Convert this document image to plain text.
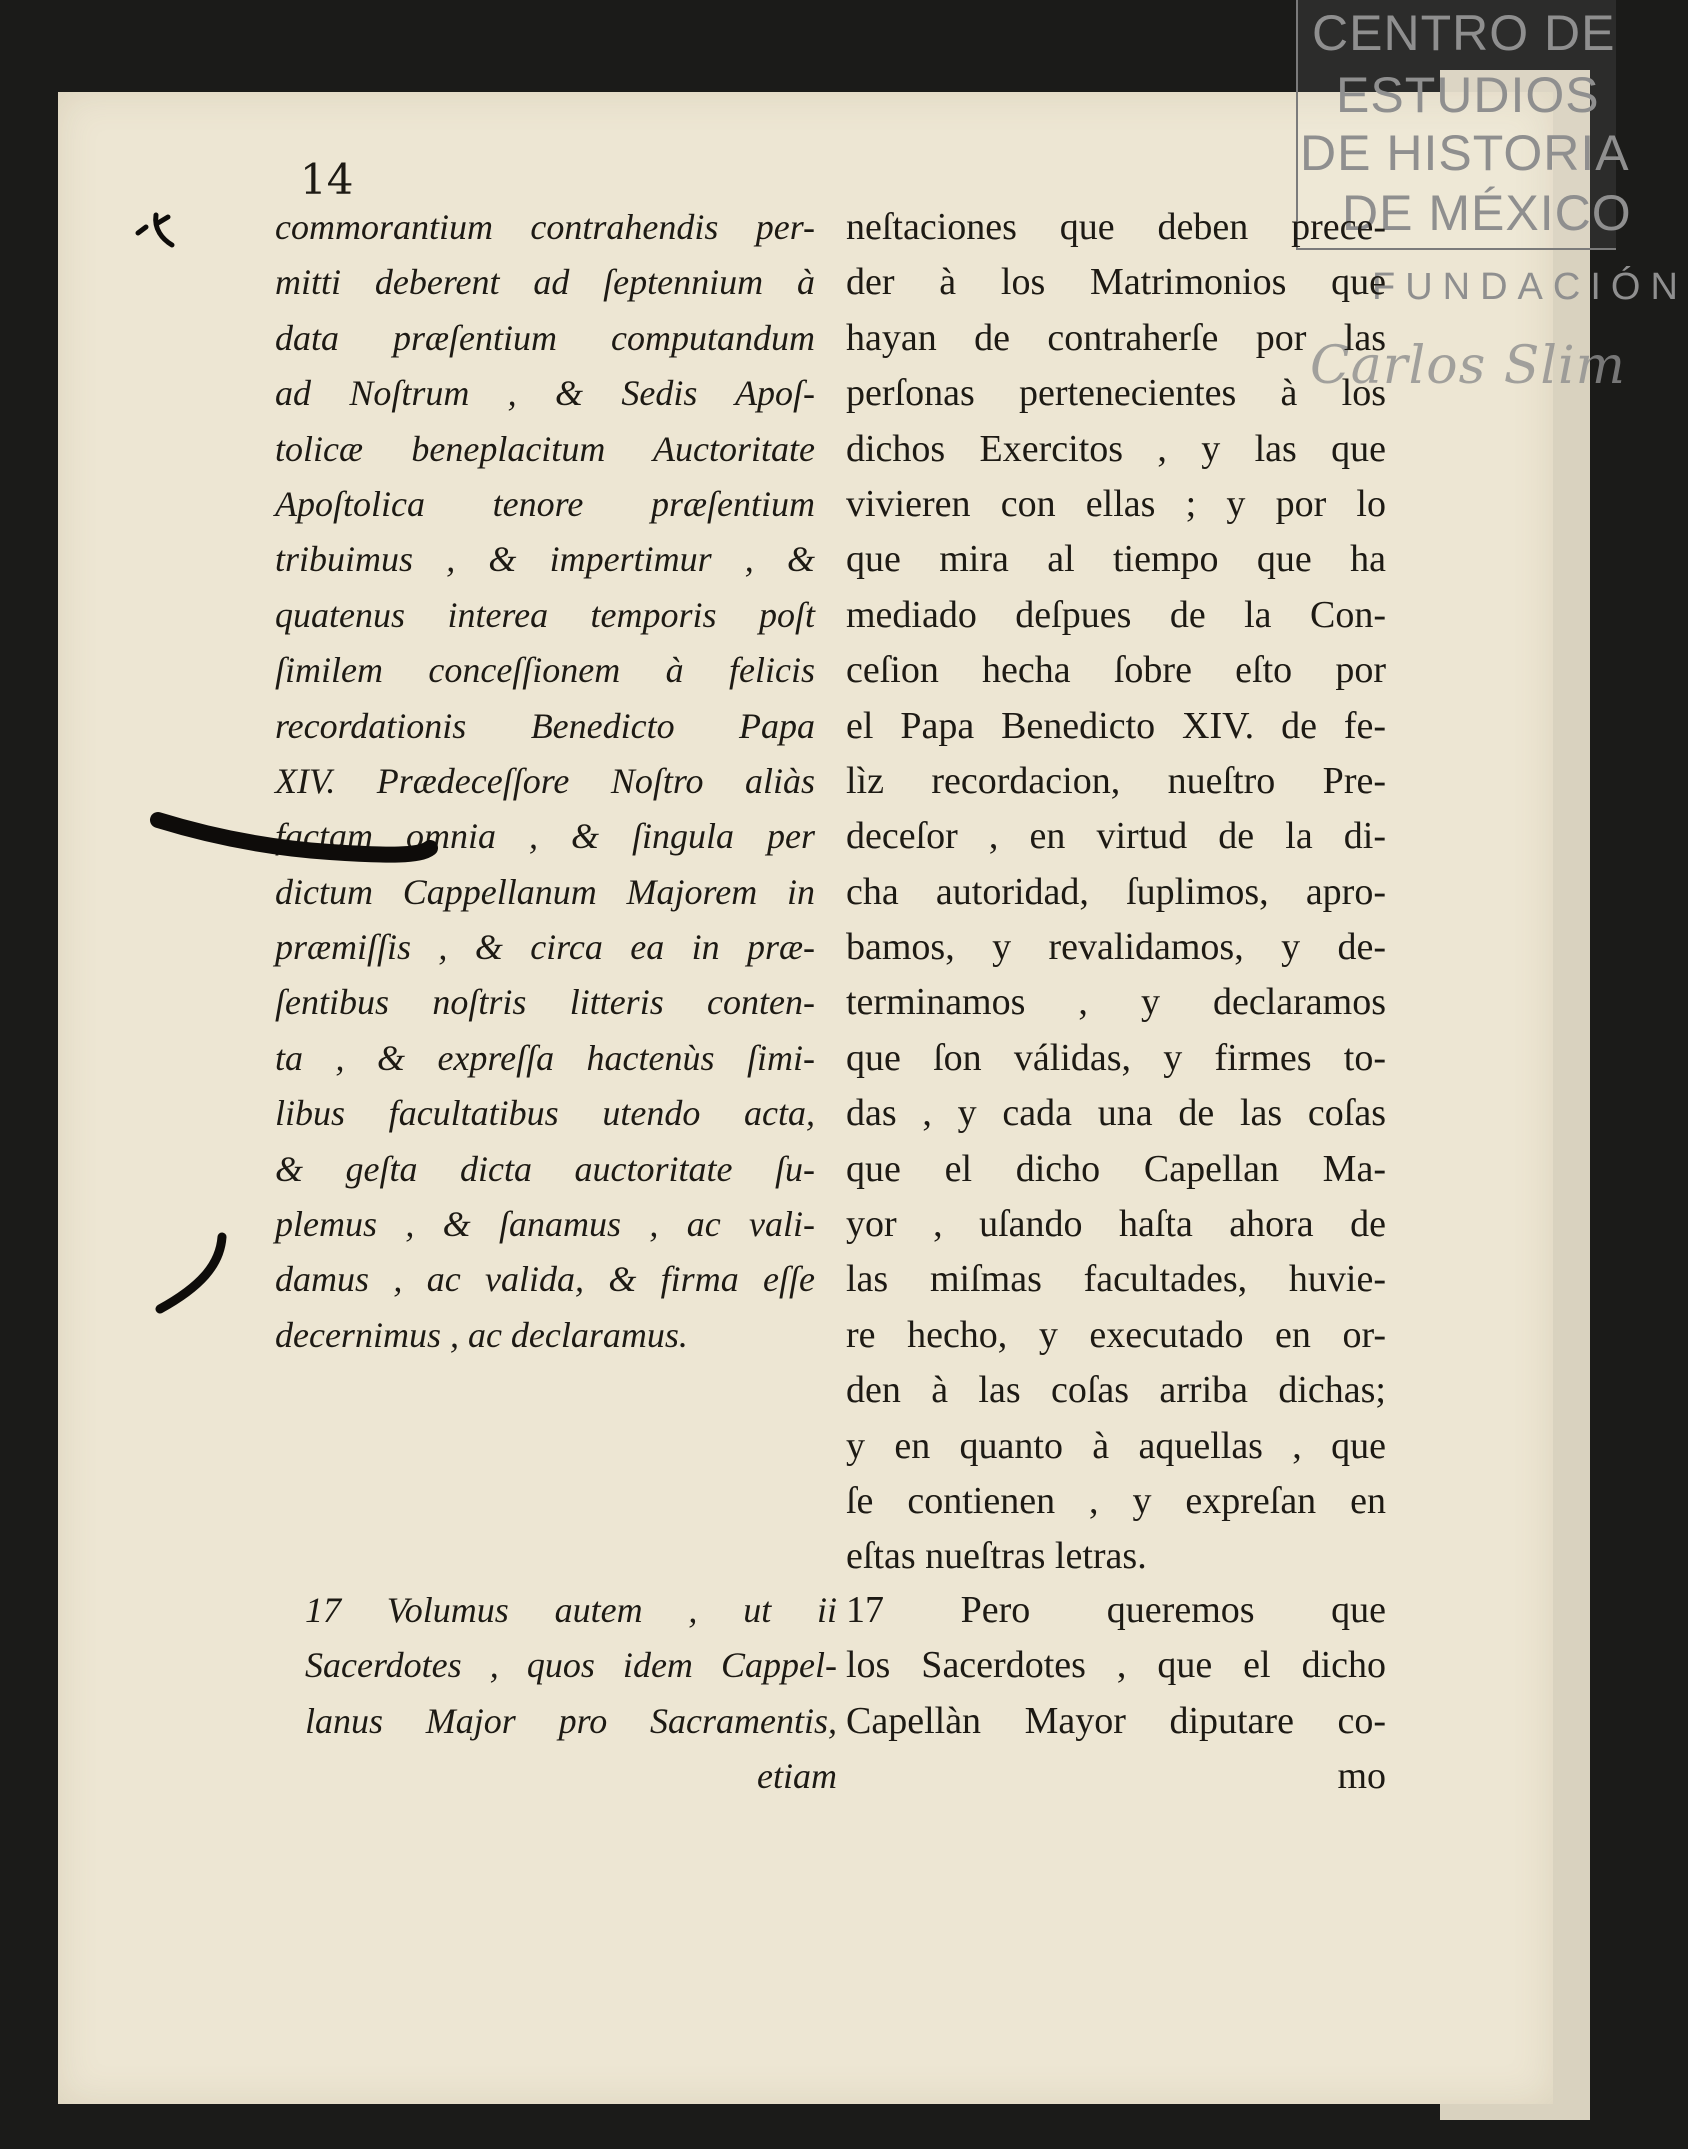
CENTRO DE
ESTUDIOS
DE HISTORIA
DE MÉXICO
FUNDACIÓN
Carlos Slim
14
commorantium contrahendis per-
mitti deberent ad ſeptennium à
data præſentium computandum
ad Noſtrum , & Sedis Apoſ-
tolicæ beneplacitum Auctoritate
Apoſtolica tenore præſentium
tribuimus , & impertimur , &
quatenus interea temporis poſt
ſimilem conceſſionem à felicis
recordationis Benedicto Papa
XIV. Prædeceſſore Noſtro aliàs
factam omnia , & ſingula per
dictum Cappellanum Majorem in
præmiſſis , & circa ea in præ-
ſentibus noſtris litteris conten-
ta , & expreſſa hactenùs ſimi-
libus facultatibus utendo acta,
& geſta dicta auctoritate ſu-
plemus , & ſanamus , ac vali-
damus , ac valida, & firma eſſe
decernimus , ac declaramus.
neſtaciones que deben prece-
der à los Matrimonios que
hayan de contraherſe por las
perſonas pertenecientes à los
dichos Exercitos , y las que
vivieren con ellas ; y por lo
que mira al tiempo que ha
mediado deſpues de la Con-
ceſion hecha ſobre eſto por
el Papa Benedicto XIV. de fe-
lìz recordacion, nueſtro Pre-
deceſor , en virtud de la di-
cha autoridad, ſuplimos, apro-
bamos, y revalidamos, y de-
terminamos , y declaramos
que ſon válidas, y firmes to-
das , y cada una de las coſas
que el dicho Capellan Ma-
yor , uſando haſta ahora de
las miſmas facultades, huvie-
re hecho, y executado en or-
den à las coſas arriba dichas;
y en quanto à aquellas , que
ſe contienen , y expreſan en
eſtas nueſtras letras.
17 Volumus autem , ut ii
Sacerdotes , quos idem Cappel-
lanus Major pro Sacramentis,
etiam
17 Pero queremos que
los Sacerdotes , que el dicho
Capellàn Mayor diputare co-
mo
